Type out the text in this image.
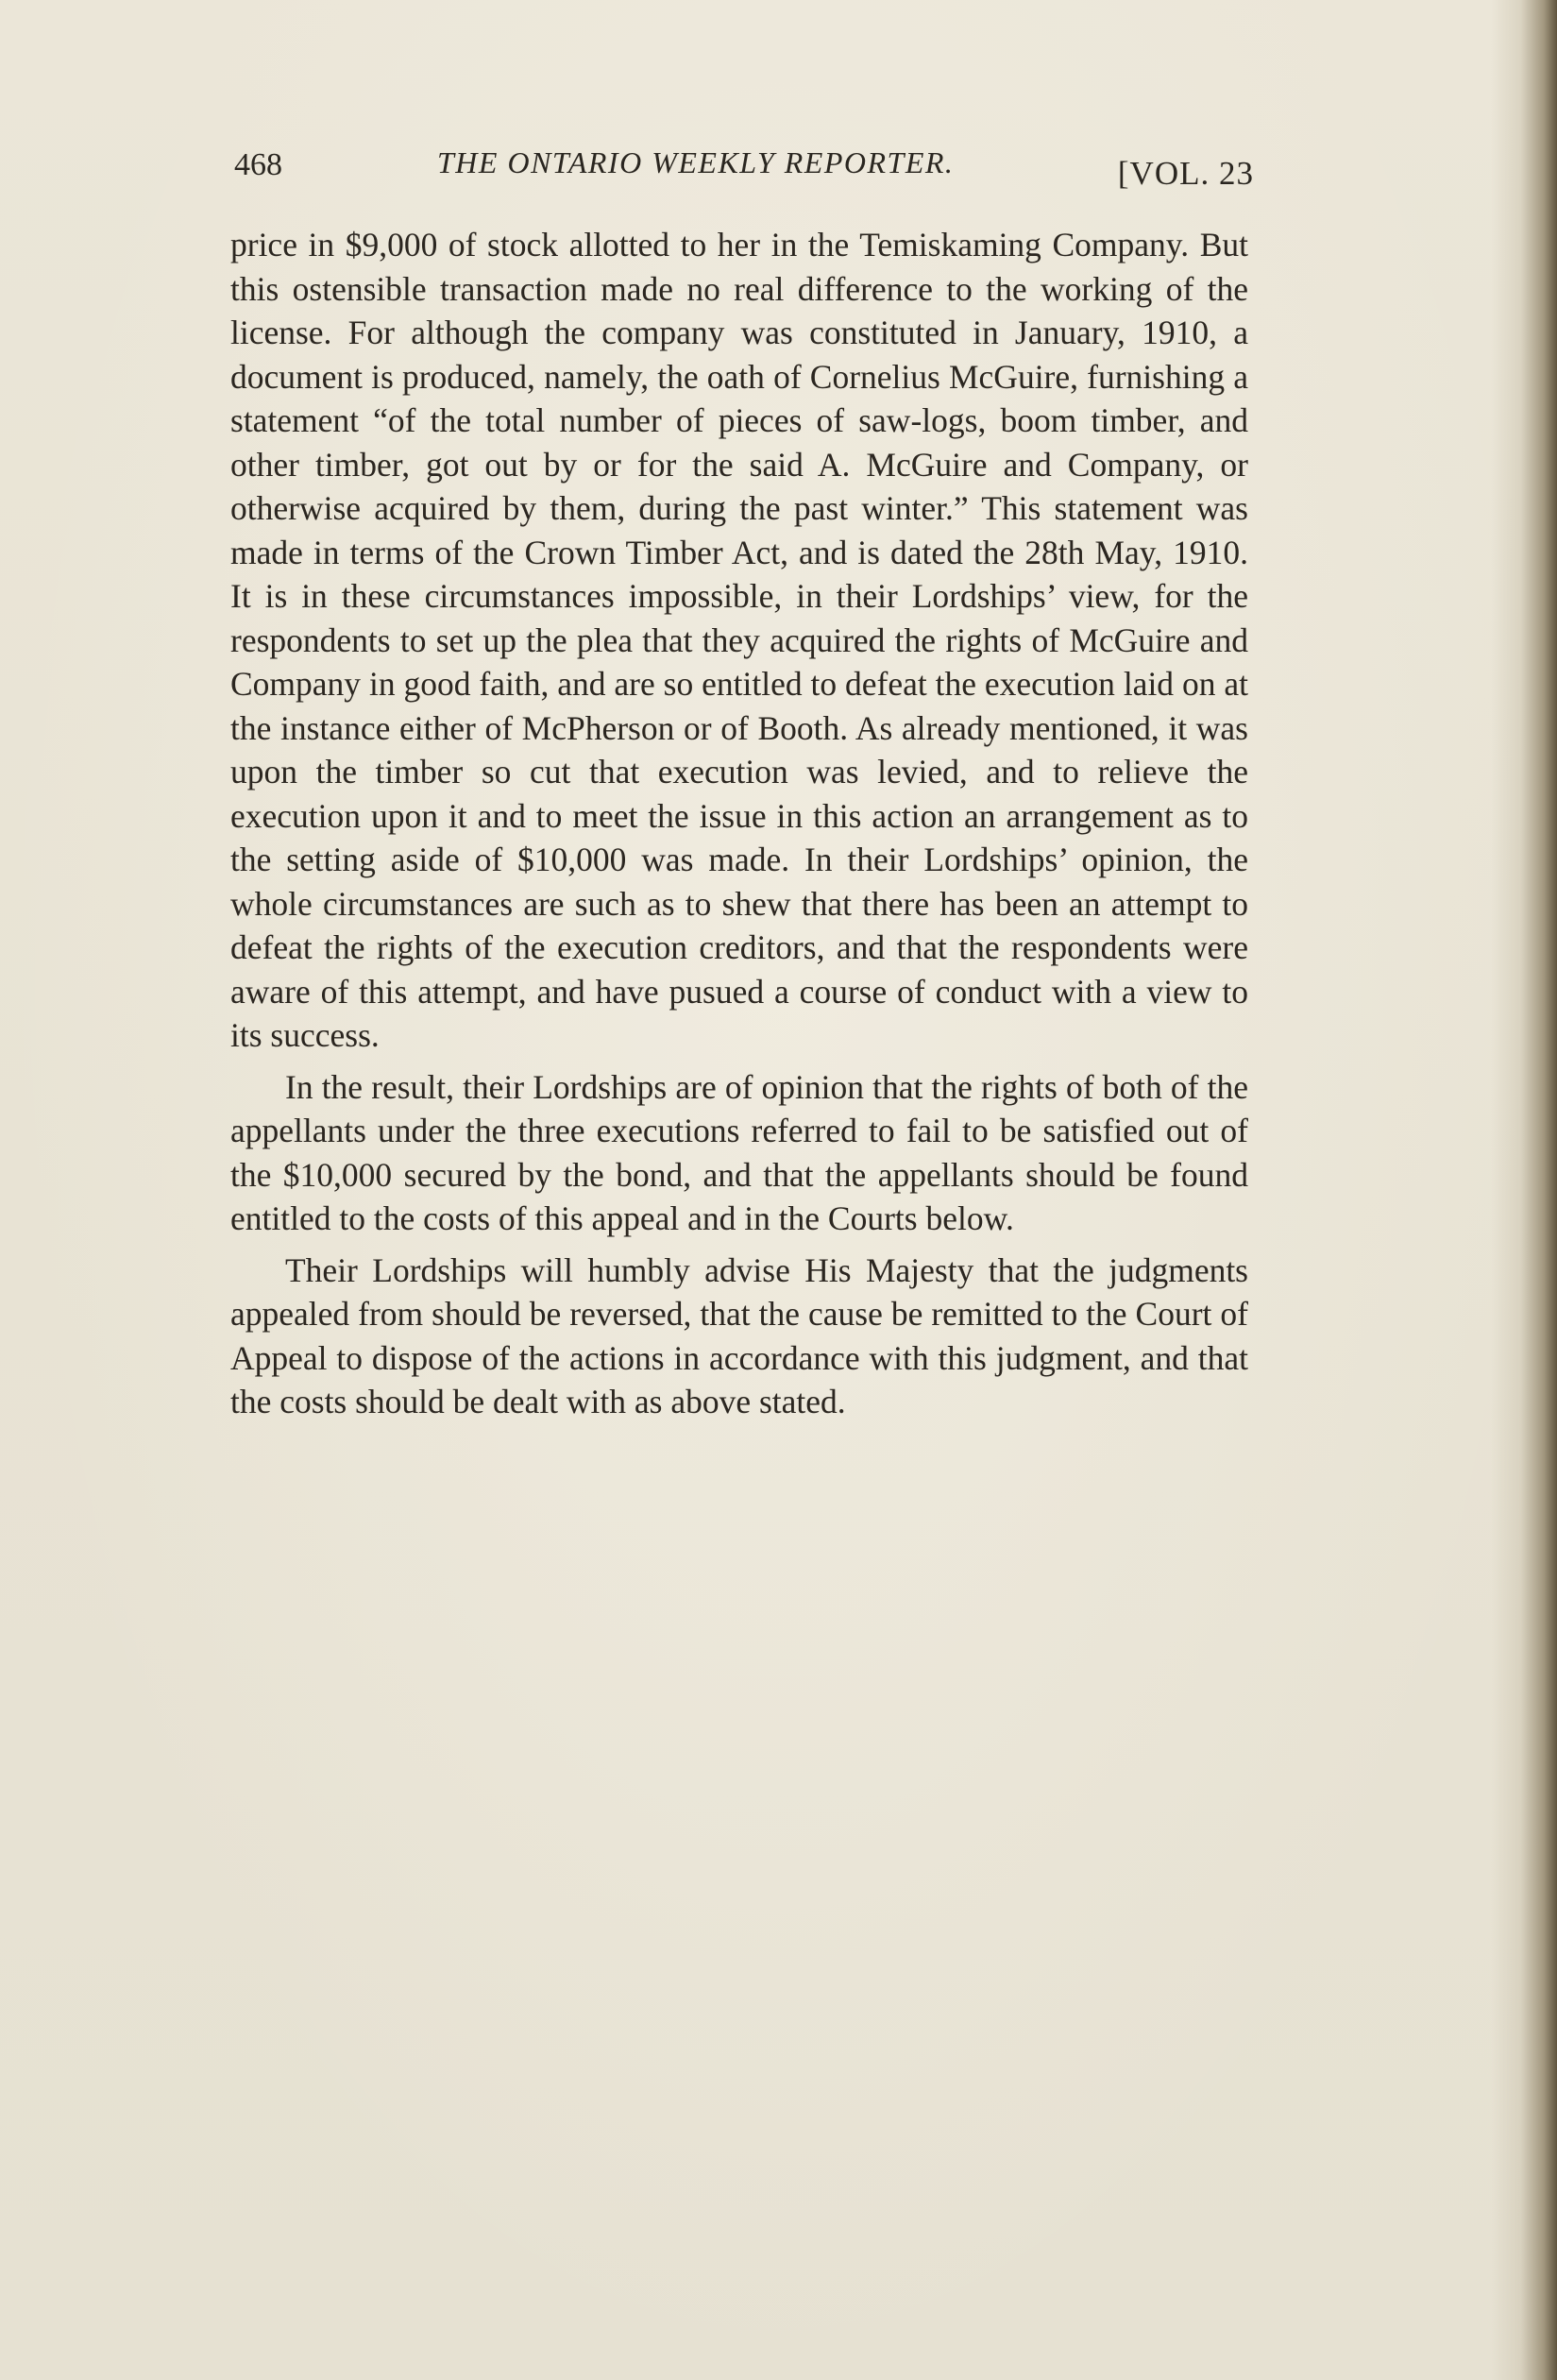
468	THE ONTARIO WEEKLY REPORTER.	[VOL. 23

price in $9,000 of stock allotted to her in the Temiskaming Company. But this ostensible transaction made no real difference to the working of the license. For although the company was constituted in January, 1910, a document is produced, namely, the oath of Cornelius McGuire, furnishing a statement “of the total number of pieces of saw-logs, boom timber, and other timber, got out by or for the said A. McGuire and Company, or otherwise acquired by them, during the past winter.” This statement was made in terms of the Crown Timber Act, and is dated the 28th May, 1910. It is in these circumstances impossible, in their Lordships’ view, for the respondents to set up the plea that they acquired the rights of McGuire and Company in good faith, and are so entitled to defeat the execution laid on at the instance either of McPherson or of Booth. As already mentioned, it was upon the timber so cut that execution was levied, and to relieve the execution upon it and to meet the issue in this action an arrangement as to the setting aside of $10,000 was made. In their Lordships’ opinion, the whole circumstances are such as to shew that there has been an attempt to defeat the rights of the execution creditors, and that the respondents were aware of this attempt, and have pusued a course of conduct with a view to its success.

In the result, their Lordships are of opinion that the rights of both of the appellants under the three executions referred to fail to be satisfied out of the $10,000 secured by the bond, and that the appellants should be found entitled to the costs of this appeal and in the Courts below.

Their Lordships will humbly advise His Majesty that the judgments appealed from should be reversed, that the cause be remitted to the Court of Appeal to dispose of the actions in accordance with this judgment, and that the costs should be dealt with as above stated.
